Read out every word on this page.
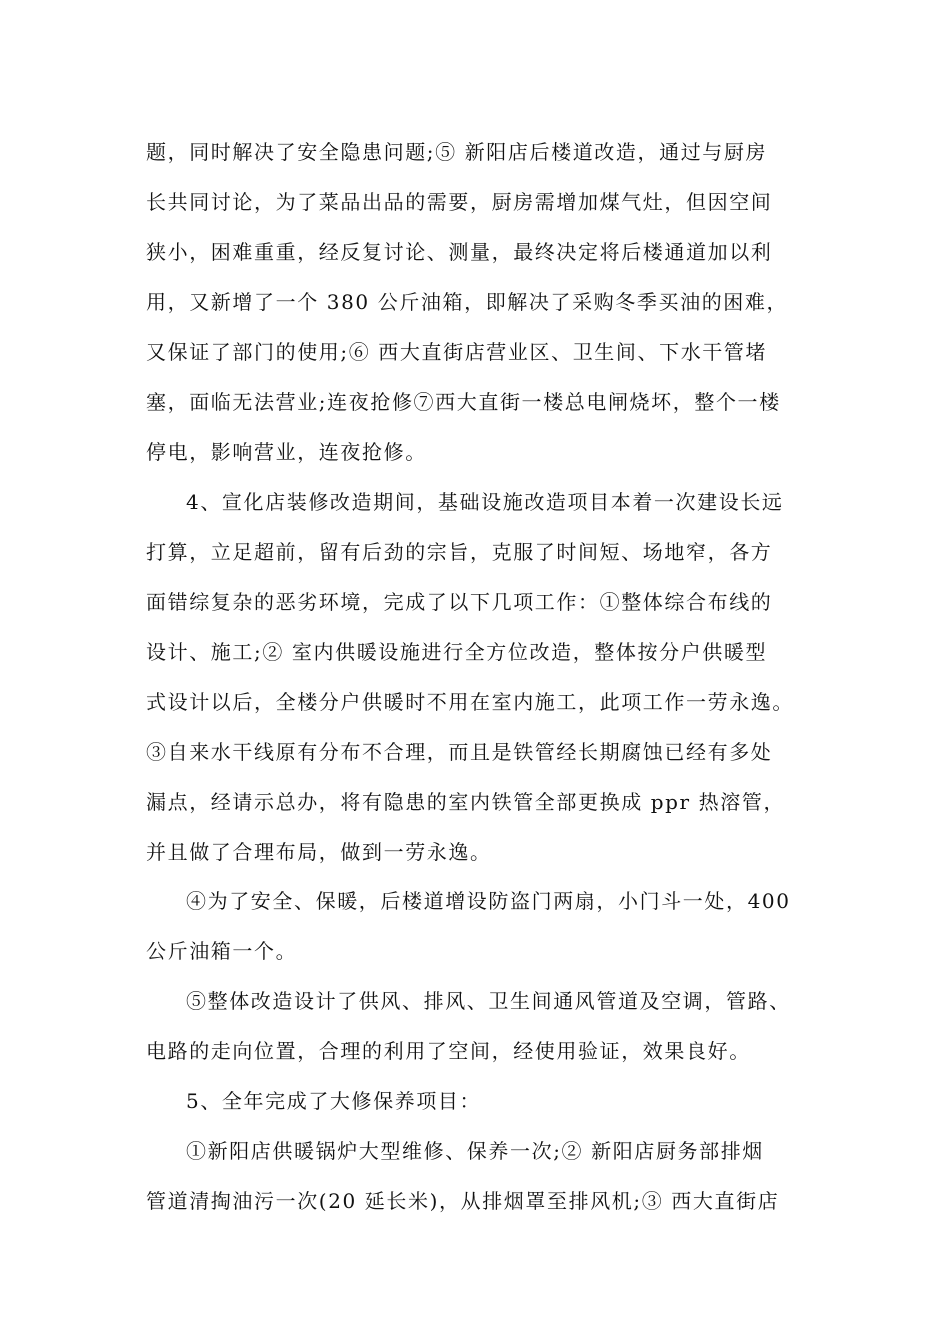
题，同时解决了安全隐患问题;⑤ 新阳店后楼道改造，通过与厨房
长共同讨论，为了菜品出品的需要，厨房需增加煤气灶，但因空间
狭小，困难重重，经反复讨论、测量，最终决定将后楼通道加以利
用，又新增了一个 380 公斤油箱，即解决了采购冬季买油的困难，
又保证了部门的使用;⑥ 西大直街店营业区、卫生间、下水干管堵
塞，面临无法营业;连夜抢修⑦西大直街一楼总电闸烧坏，整个一楼
停电，影响营业，连夜抢修。
4、宣化店装修改造期间，基础设施改造项目本着一次建设长远
打算，立足超前，留有后劲的宗旨，克服了时间短、场地窄，各方
面错综复杂的恶劣环境，完成了以下几项工作：①整体综合布线的
设计、施工;② 室内供暖设施进行全方位改造，整体按分户供暖型
式设计以后，全楼分户供暖时不用在室内施工，此项工作一劳永逸。
③自来水干线原有分布不合理，而且是铁管经长期腐蚀已经有多处
漏点，经请示总办，将有隐患的室内铁管全部更换成 ppr 热溶管，
并且做了合理布局，做到一劳永逸。
④为了安全、保暖，后楼道增设防盗门两扇，小门斗一处，400
公斤油箱一个。
⑤整体改造设计了供风、排风、卫生间通风管道及空调，管路、
电路的走向位置，合理的利用了空间，经使用验证，效果良好。
5、全年完成了大修保养项目：
①新阳店供暖锅炉大型维修、保养一次;② 新阳店厨务部排烟
管道清掏油污一次(20 延长米)，从排烟罩至排风机;③ 西大直街店
